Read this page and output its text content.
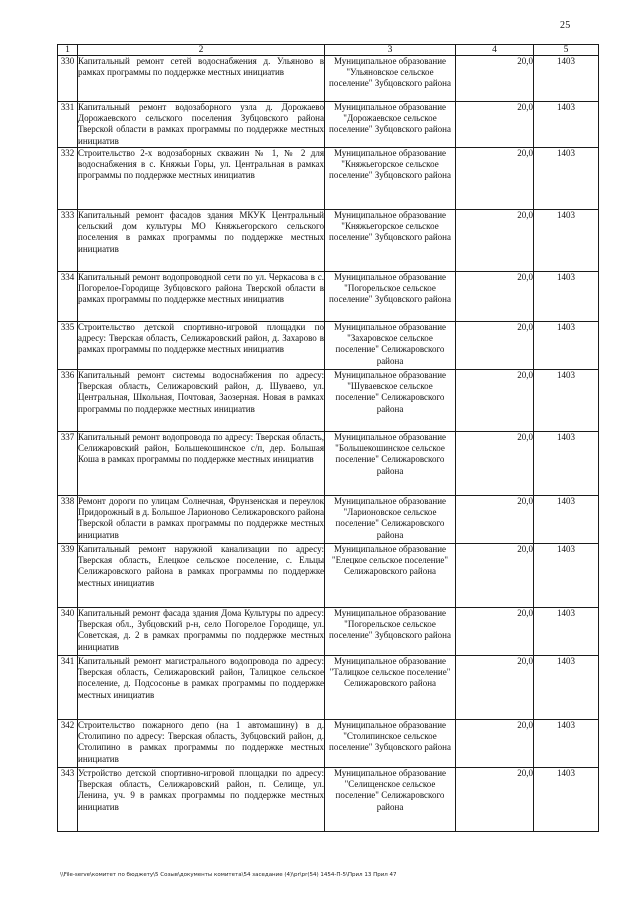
25
1	2	3	4	5
330	Капитальный ремонт сетей водоснабжения д. Ульяново в рамках программы по поддержке местных инициатив	Муниципальное образование "Ульяновское сельское поселение" Зубцовского района	20,0	1403
331	Капитальный ремонт водозаборного узла д. Дорожаево Дорожаевского сельского поселения Зубцовского района Тверской области в рамках программы по поддержке местных инициатив	Муниципальное образование "Дорожаевское сельское поселение" Зубцовского района	20,0	1403
332	Строительство 2-х водозаборных скважин № 1, № 2 для водоснабжения в с. Княжьи Горы, ул. Центральная в рамках программы по поддержке местных инициатив	Муниципальное образование "Княжьегорское сельское поселение" Зубцовского района	20,0	1403
333	Капитальный ремонт фасадов здания МКУК Центральный сельский дом культуры МО Княжьегорского сельского поселения в рамках программы по поддержке местных инициатив	Муниципальное образование "Княжьегорское сельское поселение" Зубцовского района	20,0	1403
334	Капитальный ремонт водопроводной сети по ул. Черкасова в с. Погорелое-Городище Зубцовского района Тверской области в рамках программы по поддержке местных инициатив	Муниципальное образование "Погорельское сельское поселение" Зубцовского района	20,0	1403
335	Строительство детской спортивно-игровой площадки по адресу: Тверская область, Селижаровский район, д. Захарово в рамках программы по поддержке местных инициатив	Муниципальное образование "Захаровское сельское поселение" Селижаровского района	20,0	1403
336	Капитальный ремонт системы водоснабжения по адресу: Тверская область, Селижаровский район, д. Шуваево, ул. Центральная, Школьная, Почтовая, Заозерная. Новая в рамках программы по поддержке местных инициатив	Муниципальное образование "Шуваевское сельское поселение" Селижаровского района	20,0	1403
337	Капитальный ремонт водопровода по адресу: Тверская область, Селижаровский район, Большекошинское с/п, дер. Большая Коша в рамках программы по поддержке местных инициатив	Муниципальное образование "Большекошинское сельское поселение" Селижаровского района	20,0	1403
338	Ремонт дороги по улицам Солнечная, Фрунзенская и переулок Придорожный в д. Большое Ларионово Селижаровского района Тверской области в рамках программы по поддержке местных инициатив	Муниципальное образование "Ларионовское сельское поселение" Селижаровского района	20,0	1403
339	Капитальный ремонт наружной канализации по адресу: Тверская область, Елецкое сельское поселение, с. Ельцы Селижаровского района в рамках программы по поддержке местных инициатив	Муниципальное образование "Елецкое сельское поселение" Селижаровского района	20,0	1403
340	Капитальный ремонт фасада здания Дома Культуры по адресу: Тверская обл., Зубцовский р-н, село Погорелое Городище, ул. Советская, д. 2 в рамках программы по поддержке местных инициатив	Муниципальное образование "Погорельское сельское поселение" Зубцовского района	20,0	1403
341	Капитальный ремонт магистрального водопровода по адресу: Тверская область, Селижаровский район, Талицкое сельское поселение, д. Подсосонье в рамках программы по поддержке местных инициатив	Муниципальное образование "Талицкое сельское поселение" Селижаровского района	20,0	1403
342	Строительство пожарного депо (на 1 автомашину) в д. Столипино по адресу: Тверская область, Зубцовский район, д. Столипино в рамках программы по поддержке местных инициатив	Муниципальное образование "Столипинское сельское поселение" Зубцовского района	20,0	1403
343	Устройство детской спортивно-игровой площадки по адресу: Тверская область, Селижаровский район, п. Селище, ул. Ленина, уч. 9 в рамках программы по поддержке местных инициатив	Муниципальное образование "Селищенское сельское поселение" Селижаровского района	20,0	1403
\\File-serve\комитет по бюджету\5 Созыв\документы комитета\54 заседание (4)\pr\pr(54) 1454-П-5\Прил 13 Прил 47
